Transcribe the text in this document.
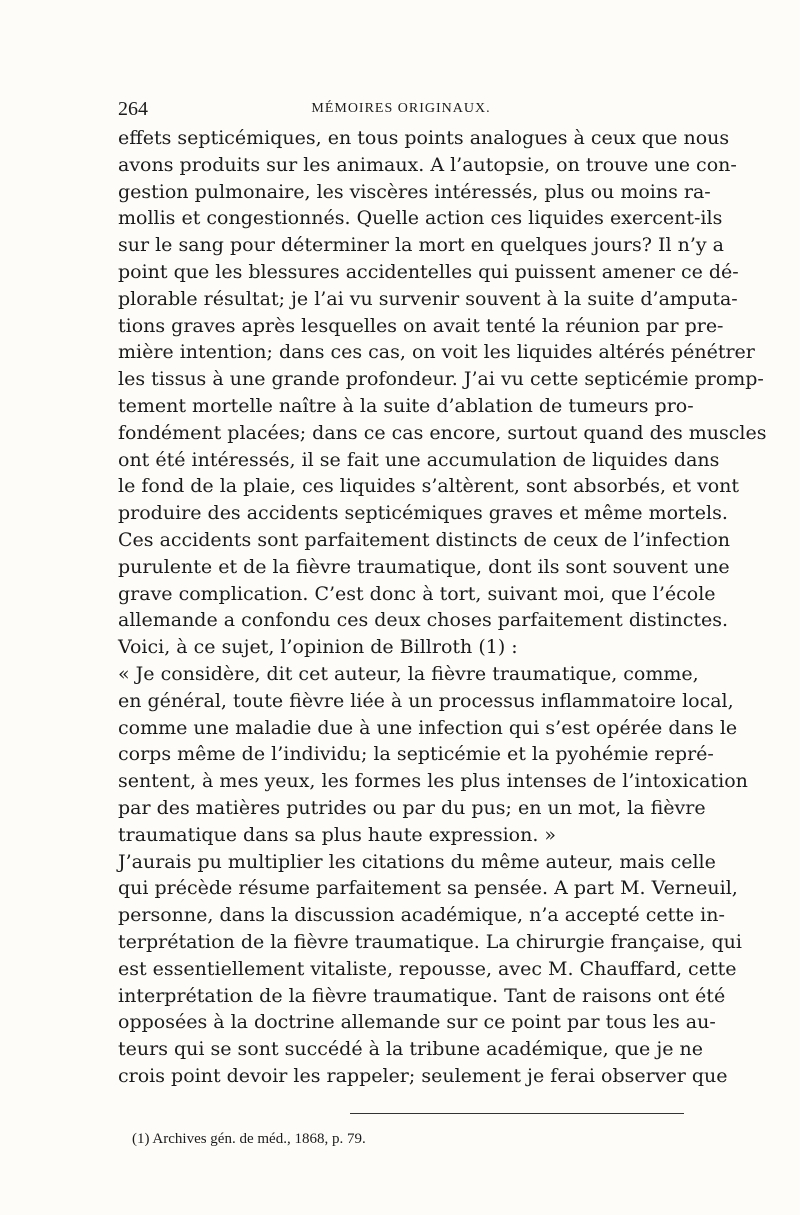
264	MÉMOIRES ORIGINAUX.
effets septicémiques, en tous points analogues à ceux que nous
avons produits sur les animaux. A l’autopsie, on trouve une con-
gestion pulmonaire, les viscères intéressés, plus ou moins ra-
mollis et congestionnés. Quelle action ces liquides exercent-ils
sur le sang pour déterminer la mort en quelques jours? Il n’y a
point que les blessures accidentelles qui puissent amener ce dé-
plorable résultat; je l’ai vu survenir souvent à la suite d’amputa-
tions graves après lesquelles on avait tenté la réunion par pre-
mière intention; dans ces cas, on voit les liquides altérés pénétrer
les tissus à une grande profondeur. J’ai vu cette septicémie promp-
tement mortelle naître à la suite d’ablation de tumeurs pro-
fondément placées; dans ce cas encore, surtout quand des muscles
ont été intéressés, il se fait une accumulation de liquides dans
le fond de la plaie, ces liquides s’altèrent, sont absorbés, et vont
produire des accidents septicémiques graves et même mortels.
Ces accidents sont parfaitement distincts de ceux de l’infection
purulente et de la fièvre traumatique, dont ils sont souvent une
grave complication. C’est donc à tort, suivant moi, que l’école
allemande a confondu ces deux choses parfaitement distinctes.
Voici, à ce sujet, l’opinion de Billroth (1) :
« Je considère, dit cet auteur, la fièvre traumatique, comme,
en général, toute fièvre liée à un processus inflammatoire local,
comme une maladie due à une infection qui s’est opérée dans le
corps même de l’individu; la septicémie et la pyohémie repré-
sentent, à mes yeux, les formes les plus intenses de l’intoxication
par des matières putrides ou par du pus; en un mot, la fièvre
traumatique dans sa plus haute expression. »
J’aurais pu multiplier les citations du même auteur, mais celle
qui précède résume parfaitement sa pensée. A part M. Verneuil,
personne, dans la discussion académique, n’a accepté cette in-
terprétation de la fièvre traumatique. La chirurgie française, qui
est essentiellement vitaliste, repousse, avec M. Chauffard, cette
interprétation de la fièvre traumatique. Tant de raisons ont été
opposées à la doctrine allemande sur ce point par tous les au-
teurs qui se sont succédé à la tribune académique, que je ne
crois point devoir les rappeler; seulement je ferai observer que
(1) Archives gén. de méd., 1868, p. 79.
